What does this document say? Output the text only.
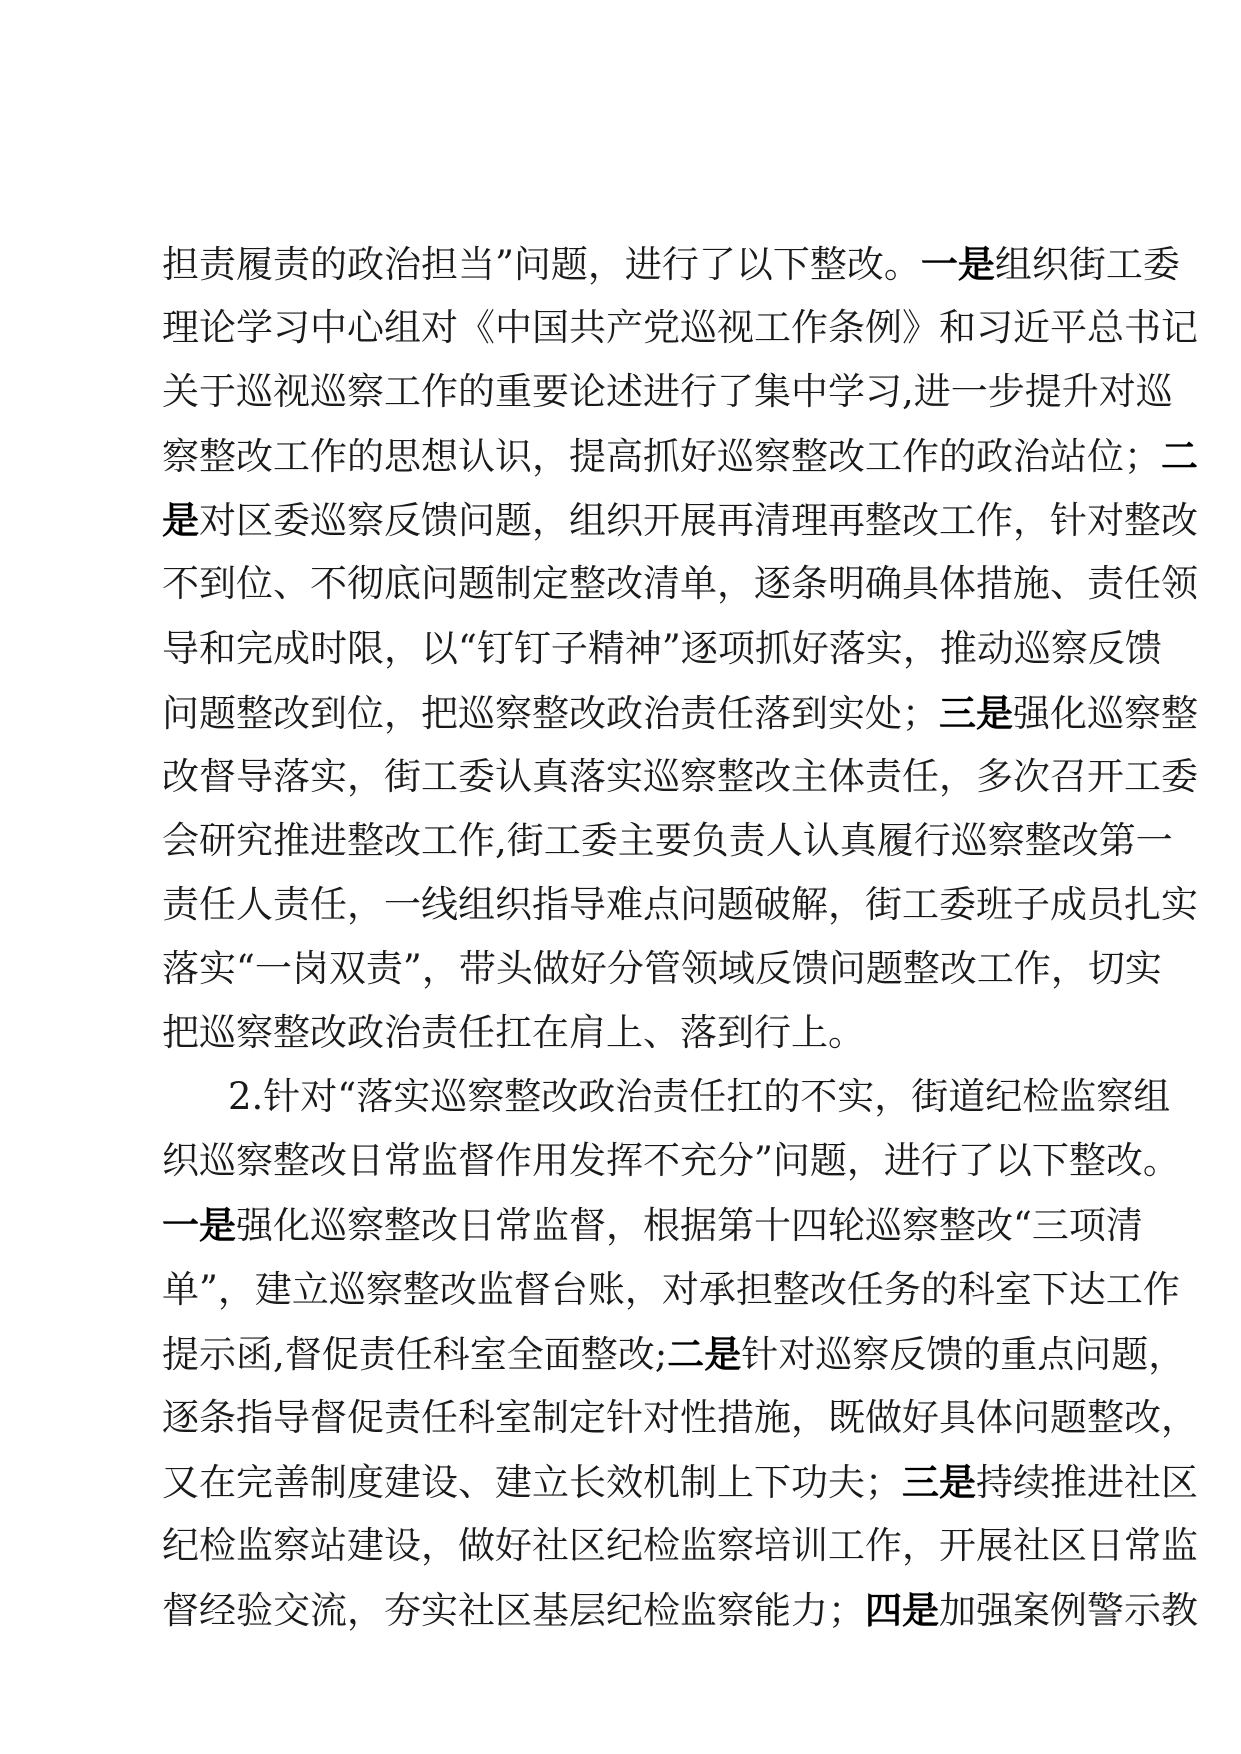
担责履责的政治担当”问题，进行了以下整改。一是组织街工委
理论学习中心组对《中国共产党巡视工作条例》和习近平总书记
关于巡视巡察工作的重要论述进行了集中学习,进一步提升对巡
察整改工作的思想认识，提高抓好巡察整改工作的政治站位；二
是对区委巡察反馈问题，组织开展再清理再整改工作，针对整改
不到位、不彻底问题制定整改清单，逐条明确具体措施、责任领
导和完成时限，以“钉钉子精神”逐项抓好落实，推动巡察反馈
问题整改到位，把巡察整改政治责任落到实处；三是强化巡察整
改督导落实，街工委认真落实巡察整改主体责任，多次召开工委
会研究推进整改工作,街工委主要负责人认真履行巡察整改第一
责任人责任，一线组织指导难点问题破解，街工委班子成员扎实
落实“一岗双责”，带头做好分管领域反馈问题整改工作，切实
把巡察整改政治责任扛在肩上、落到行上。
2.针对“落实巡察整改政治责任扛的不实，街道纪检监察组
织巡察整改日常监督作用发挥不充分”问题，进行了以下整改。
一是强化巡察整改日常监督，根据第十四轮巡察整改“三项清
单”，建立巡察整改监督台账，对承担整改任务的科室下达工作
提示函,督促责任科室全面整改;二是针对巡察反馈的重点问题，
逐条指导督促责任科室制定针对性措施，既做好具体问题整改，
又在完善制度建设、建立长效机制上下功夫；三是持续推进社区
纪检监察站建设，做好社区纪检监察培训工作，开展社区日常监
督经验交流，夯实社区基层纪检监察能力；四是加强案例警示教
